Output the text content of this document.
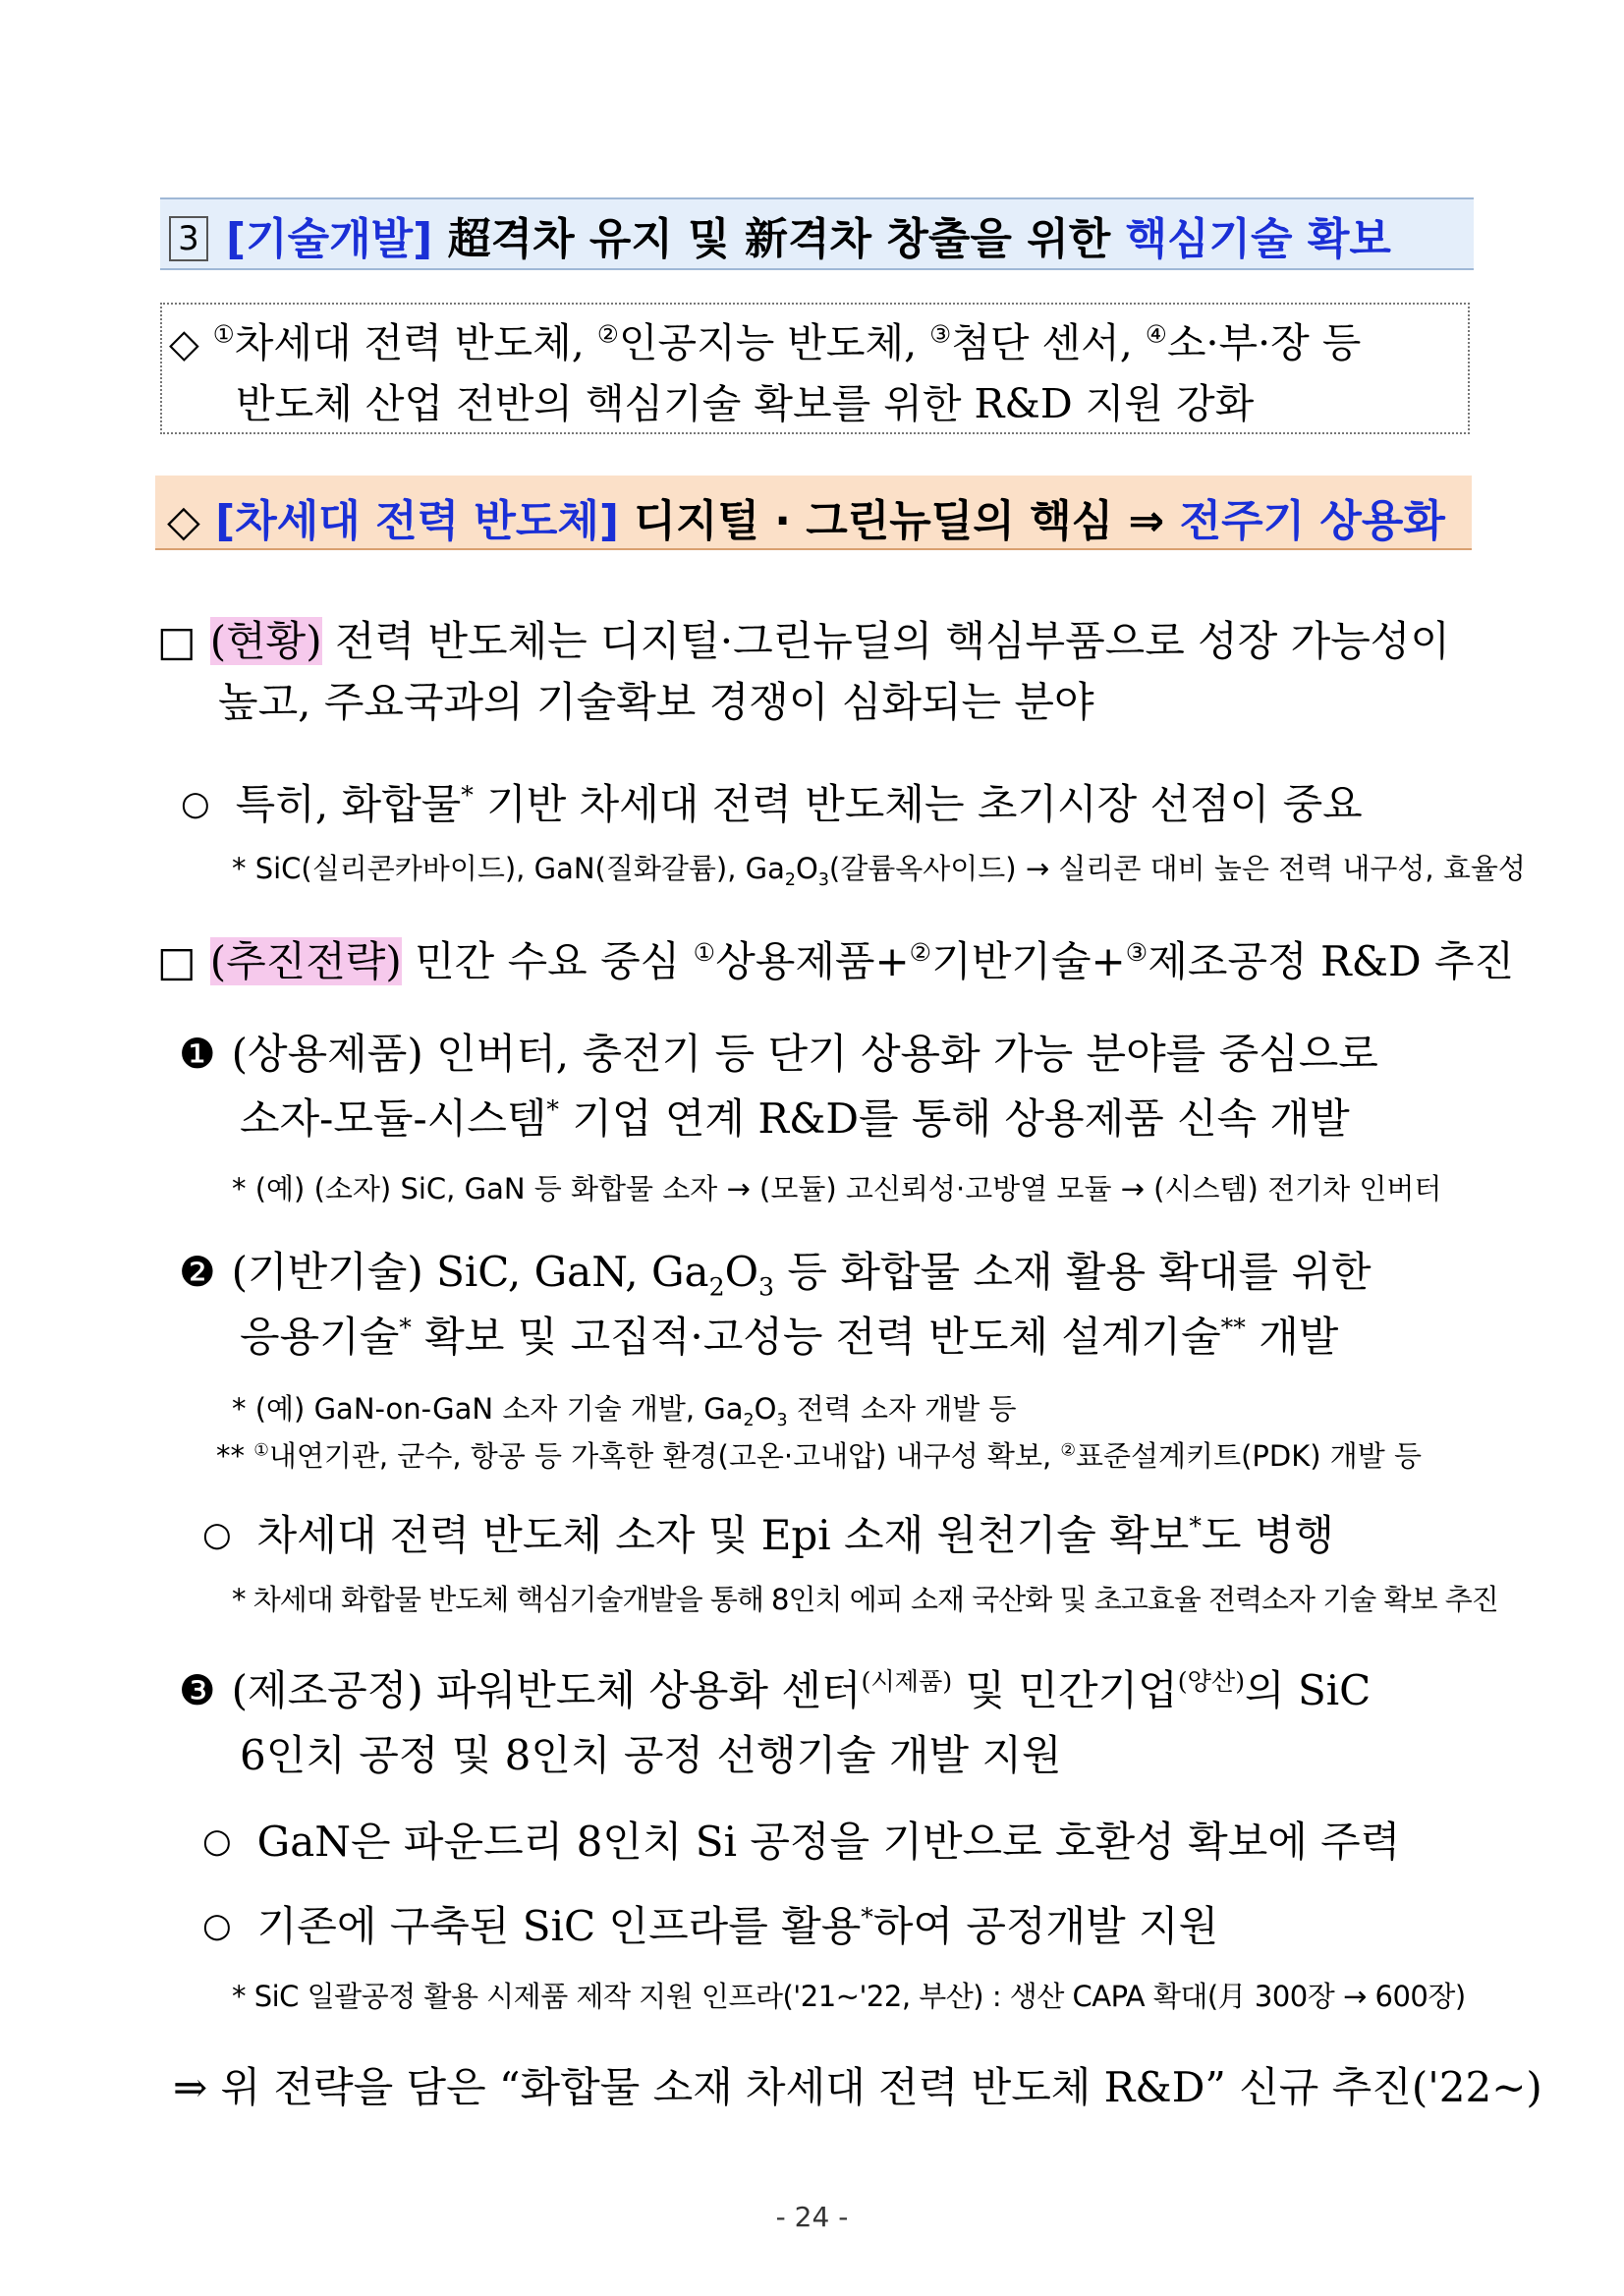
3 [기술개발] 超격차 유지 및 新격차 창출을 위한 핵심기술 확보
◇ ①차세대 전력 반도체, ②인공지능 반도체, ③첨단 센서, ④소·부·장 등
반도체 산업 전반의 핵심기술 확보를 위한 R&D 지원 강화
◇ [차세대 전력 반도체] 디지털 · 그린뉴딜의 핵심 ⇒ 전주기 상용화
□ (현황) 전력 반도체는 디지털·그린뉴딜의 핵심부품으로 성장 가능성이
높고, 주요국과의 기술확보 경쟁이 심화되는 분야
○ 특히, 화합물* 기반 차세대 전력 반도체는 초기시장 선점이 중요
* SiC(실리콘카바이드), GaN(질화갈륨), $Ga_2O_3$(갈륨옥사이드) → 실리콘 대비 높은 전력 내구성, 효율성
□ (추진전략) 민간 수요 중심 ①상용제품+②기반기술+③제조공정 R&D 추진
❶ (상용제품) 인버터, 충전기 등 단기 상용화 가능 분야를 중심으로
소자-모듈-시스템* 기업 연계 R&D를 통해 상용제품 신속 개발
* (예) (소자) SiC, GaN 등 화합물 소자 → (모듈) 고신뢰성·고방열 모듈 → (시스템) 전기차 인버터
❷ (기반기술) SiC, GaN, $Ga_2O_3$ 등 화합물 소재 활용 확대를 위한
응용기술* 확보 및 고집적·고성능 전력 반도체 설계기술** 개발
* (예) GaN-on-GaN 소자 기술 개발, $Ga_2O_3$ 전력 소자 개발 등
** ①내연기관, 군수, 항공 등 가혹한 환경(고온·고내압) 내구성 확보, ②표준설계키트(PDK) 개발 등
○ 차세대 전력 반도체 소자 및 Epi 소재 원천기술 확보*도 병행
* 차세대 화합물 반도체 핵심기술개발을 통해 8인치 에피 소재 국산화 및 초고효율 전력소자 기술 확보 추진
❸ (제조공정) 파워반도체 상용화 센터$^{(시제품)}$ 및 민간기업$^{(양산)}$의 SiC
6인치 공정 및 8인치 공정 선행기술 개발 지원
○ GaN은 파운드리 8인치 Si 공정을 기반으로 호환성 확보에 주력
○ 기존에 구축된 SiC 인프라를 활용*하여 공정개발 지원
* SiC 일괄공정 활용 시제품 제작 지원 인프라('21~'22, 부산) : 생산 CAPA 확대(月 300장 → 600장)
⇒ 위 전략을 담은 “화합물 소재 차세대 전력 반도체 R&D” 신규 추진('22~)
- 24 -
